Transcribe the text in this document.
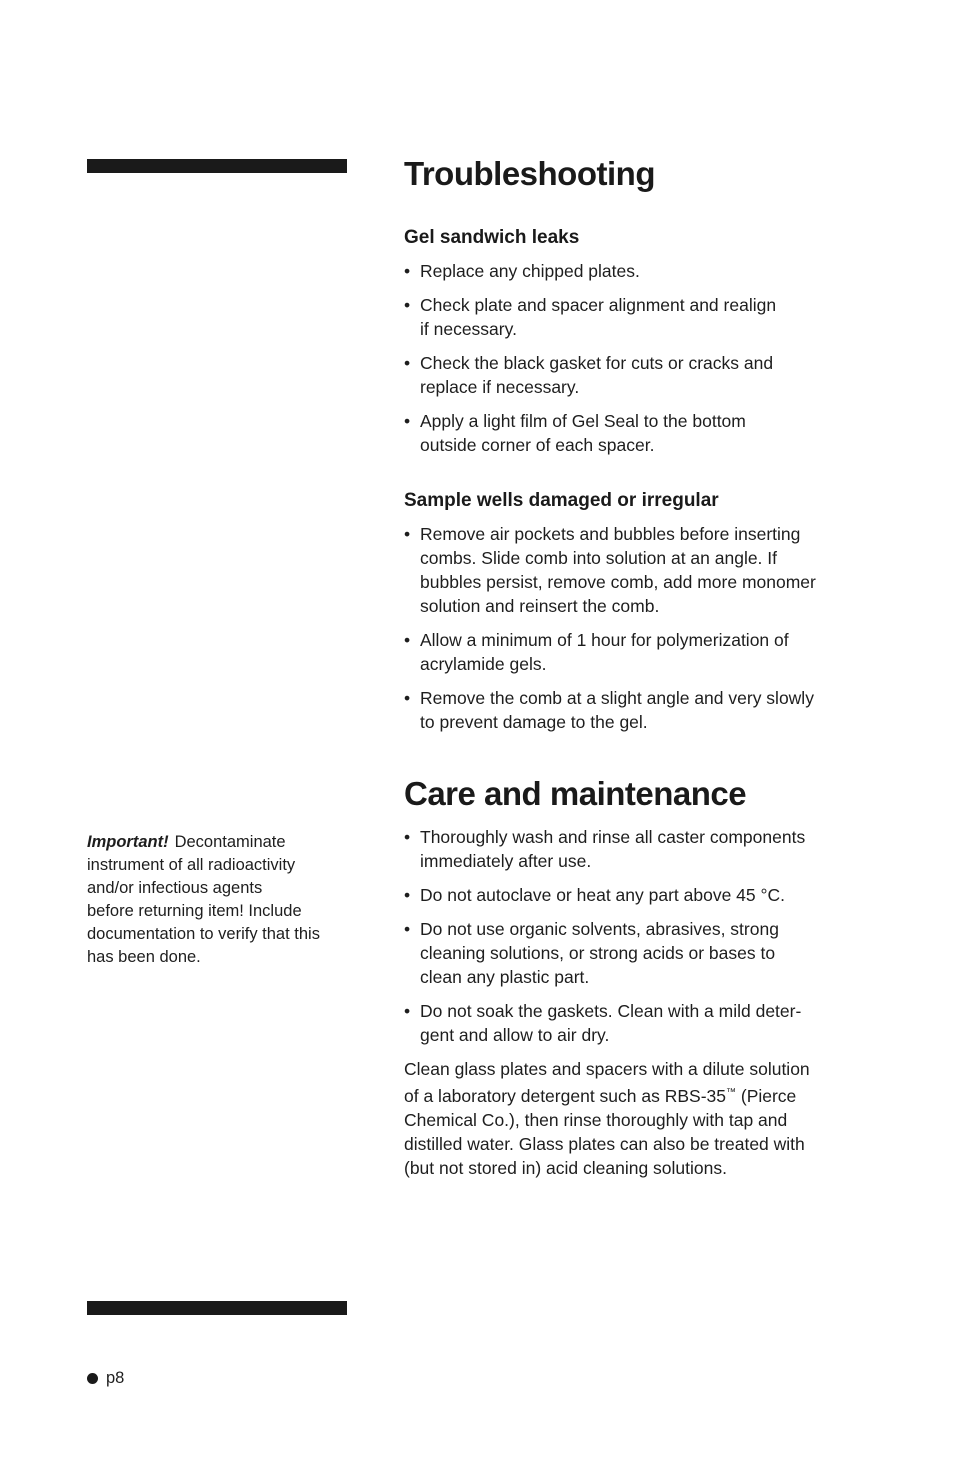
Troubleshooting
Gel sandwich leaks
• Replace any chipped plates.
• Check plate and spacer alignment and realign
if necessary.
• Check the black gasket for cuts or cracks and
replace if necessary.
• Apply a light film of Gel Seal to the bottom
outside corner of each spacer.
Sample wells damaged or irregular
• Remove air pockets and bubbles before inserting
combs. Slide comb into solution at an angle. If
bubbles persist, remove comb, add more monomer
solution and reinsert the comb.
• Allow a minimum of 1 hour for polymerization of
acrylamide gels.
• Remove the comb at a slight angle and very slowly
to prevent damage to the gel.
Care and maintenance
• Thoroughly wash and rinse all caster components
immediately after use.
• Do not autoclave or heat any part above 45 °C.
• Do not use organic solvents, abrasives, strong
cleaning solutions, or strong acids or bases to
clean any plastic part.
• Do not soak the gaskets. Clean with a mild deter-
gent and allow to air dry.

Clean glass plates and spacers with a dilute solution
of a laboratory detergent such as RBS-35™ (Pierce
Chemical Co.), then rinse thoroughly with tap and
distilled water. Glass plates can also be treated with
(but not stored in) acid cleaning solutions.

Important! Decontaminate
instrument of all radioactivity
and/or infectious agents
before returning item! Include
documentation to verify that this
has been done.
p8
